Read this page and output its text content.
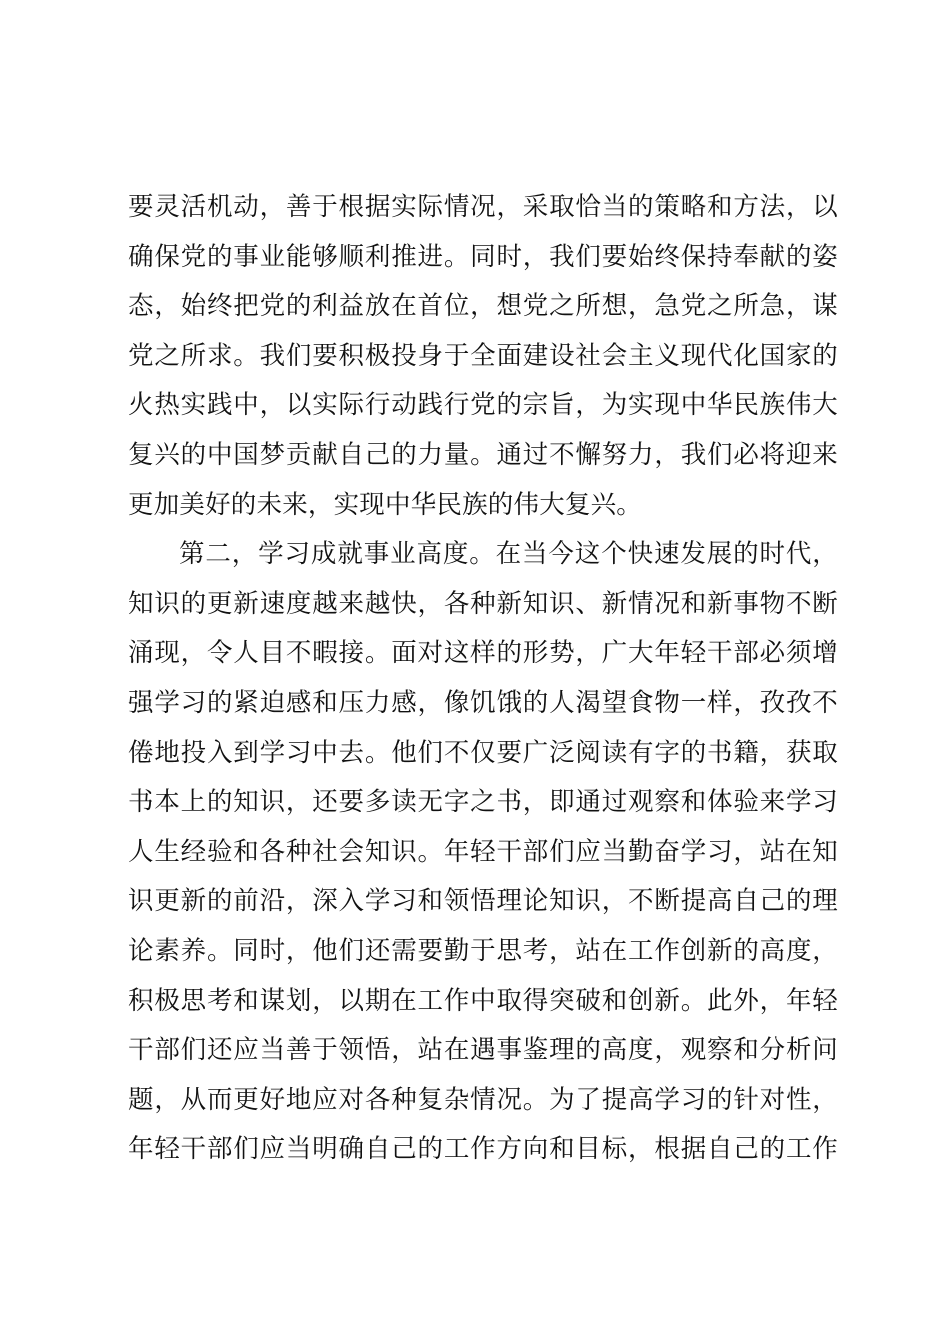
要灵活机动，善于根据实际情况，采取恰当的策略和方法，以
确保党的事业能够顺利推进。同时，我们要始终保持奉献的姿
态，始终把党的利益放在首位，想党之所想，急党之所急，谋
党之所求。我们要积极投身于全面建设社会主义现代化国家的
火热实践中，以实际行动践行党的宗旨，为实现中华民族伟大
复兴的中国梦贡献自己的力量。通过不懈努力，我们必将迎来
更加美好的未来，实现中华民族的伟大复兴。
第二，学习成就事业高度。在当今这个快速发展的时代，
知识的更新速度越来越快，各种新知识、新情况和新事物不断
涌现，令人目不暇接。面对这样的形势，广大年轻干部必须增
强学习的紧迫感和压力感，像饥饿的人渴望食物一样，孜孜不
倦地投入到学习中去。他们不仅要广泛阅读有字的书籍，获取
书本上的知识，还要多读无字之书，即通过观察和体验来学习
人生经验和各种社会知识。年轻干部们应当勤奋学习，站在知
识更新的前沿，深入学习和领悟理论知识，不断提高自己的理
论素养。同时，他们还需要勤于思考，站在工作创新的高度，
积极思考和谋划，以期在工作中取得突破和创新。此外，年轻
干部们还应当善于领悟，站在遇事鉴理的高度，观察和分析问
题，从而更好地应对各种复杂情况。为了提高学习的针对性，
年轻干部们应当明确自己的工作方向和目标，根据自己的工作
